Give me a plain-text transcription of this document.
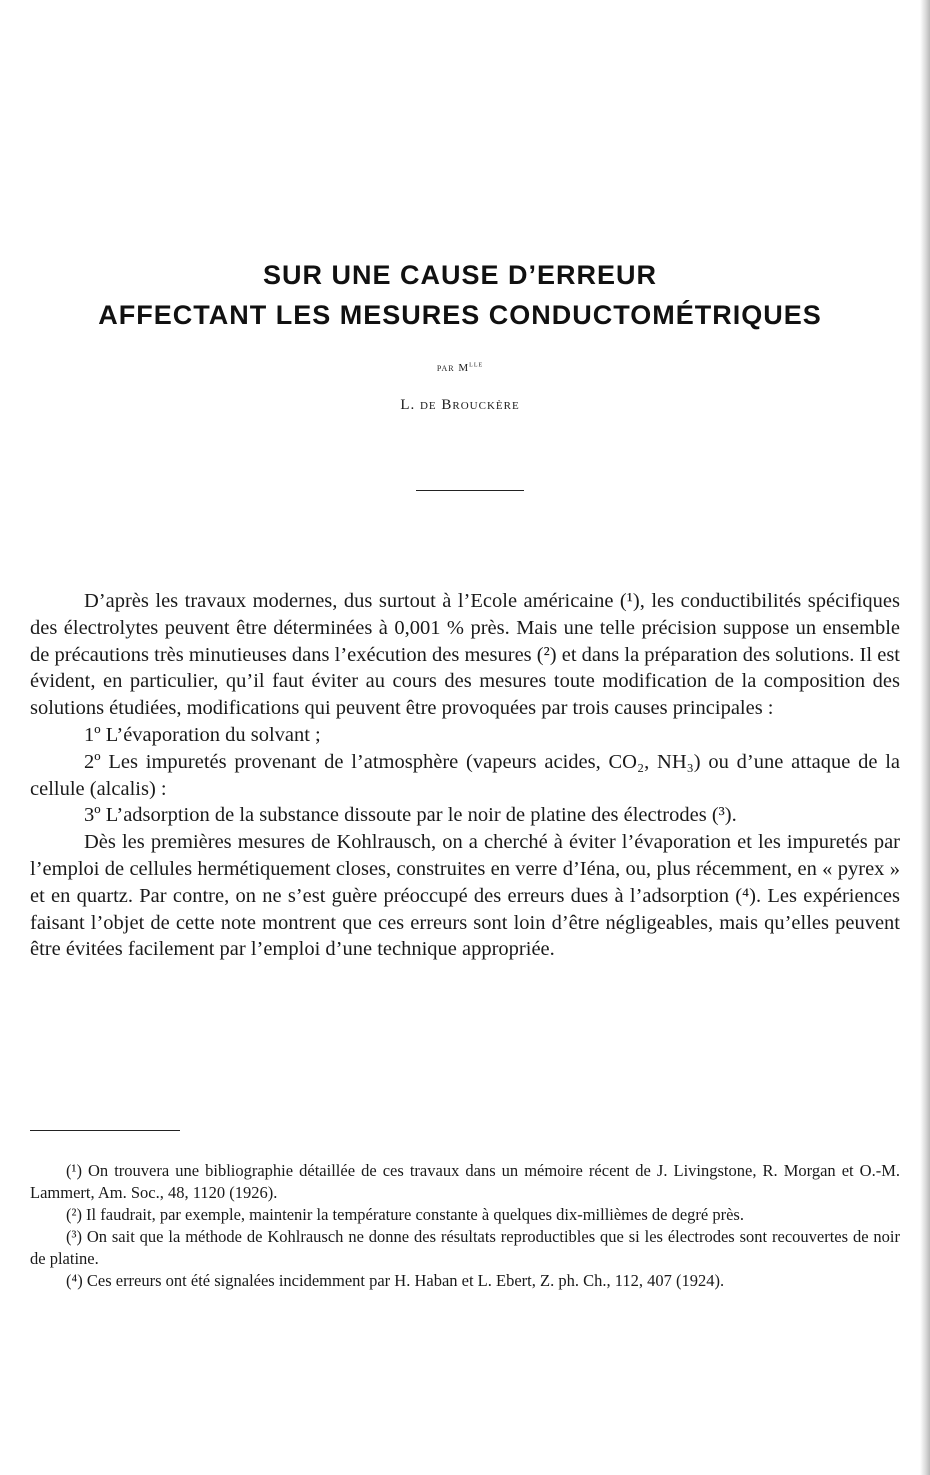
SUR UNE CAUSE D’ERREUR
AFFECTANT LES MESURES CONDUCTOMÉTRIQUES
par $M^{lle}$
L. de Brouckère

D’après les travaux modernes, dus surtout à l’Ecole américaine (¹), les conductibilités spécifiques des électrolytes peuvent être déterminées à 0,001 % près. Mais une telle précision suppose un ensemble de précautions très minutieuses dans l’exécution des mesures (²) et dans la préparation des solutions. Il est évident, en particulier, qu’il faut éviter au cours des mesures toute modification de la composition des solutions étudiées, modifications qui peuvent être provoquées par trois causes principales :

1º L’évaporation du solvant ;

2º Les impuretés provenant de l’atmosphère (vapeurs acides, CO₂, NH₃) ou d’une attaque de la cellule (alcalis) :

3º L’adsorption de la substance dissoute par le noir de platine des électrodes (³).

Dès les premières mesures de Kohlrausch, on a cherché à éviter l’évaporation et les impuretés par l’emploi de cellules hermétiquement closes, construites en verre d’Iéna, ou, plus récemment, en « pyrex » et en quartz. Par contre, on ne s’est guère préoccupé des erreurs dues à l’adsorption (⁴). Les expériences faisant l’objet de cette note montrent que ces erreurs sont loin d’être négligeables, mais qu’elles peuvent être évitées facilement par l’emploi d’une technique appropriée.

(¹) On trouvera une bibliographie détaillée de ces travaux dans un mémoire récent de J. Livingstone, R. Morgan et O.-M. Lammert, Am. Soc., 48, 1120 (1926).

(²) Il faudrait, par exemple, maintenir la température constante à quelques dix-millièmes de degré près.

(³) On sait que la méthode de Kohlrausch ne donne des résultats reproductibles que si les électrodes sont recouvertes de noir de platine.

(⁴) Ces erreurs ont été signalées incidemment par H. Haban et L. Ebert, Z. ph. Ch., 112, 407 (1924).
